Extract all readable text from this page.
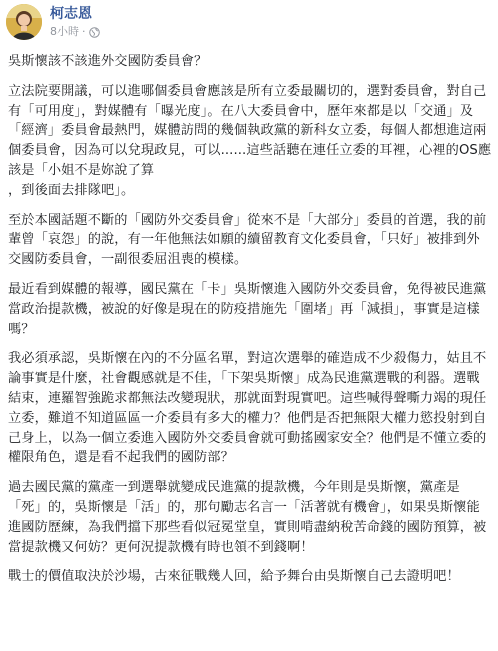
柯志恩
8小時 ·

吳斯懷該不該進外交國防委員會？

立法院要開議，可以進哪個委員會應該是所有立委最關切的，選對委員會，對自己有「可用度」，對媒體有「曝光度」。在八大委員會中，歷年來都是以「交通」及「經濟」委員會最熱門，媒體訪問的幾個執政黨的新科女立委，每個人都想進這兩個委員會，因為可以兌現政見，可以......這些話聽在連任立委的耳裡，心裡的OS應該是「小姐不是妳說了算
，到後面去排隊吧」。

至於本國話題不斷的「國防外交委員會」從來不是「大部分」委員的首選，我的前輩曾「哀怨」的說，有一年他無法如願的續留教育文化委員會，「只好」被排到外交國防委員會，一副很委屈沮喪的模樣。

最近看到媒體的報導，國民黨在「卡」吳斯懷進入國防外交委員會，免得被民進黨當政治提款機，被說的好像是現在的防疫措施先「圍堵」再「減損」，事實是這樣嗎？

我必須承認，吳斯懷在內的不分區名單，對這次選舉的確造成不少殺傷力，姑且不論事實是什麼，社會觀感就是不佳，「下架吳斯懷」成為民進黨選戰的利器。選戰結束，連羅智強跪求都無法改變現狀，那就面對現實吧。這些喊得聲嘶力竭的現任立委，難道不知道區區一介委員有多大的權力？他們是否把無限大權力慾投射到自己身上，以為一個立委進入國防外交委員會就可動搖國家安全？他們是不懂立委的權限角色，還是看不起我們的國防部？

過去國民黨的黨產一到選舉就變成民進黨的提款機，今年則是吳斯懷，黨產是「死」的，吳斯懷是「活」的，那句勵志名言一「活著就有機會」，如果吳斯懷能進國防歷練，為我們擋下那些看似冠冕堂皇，實則啃盡納稅苦命錢的國防預算，被當提款機又何妨？更何況提款機有時也領不到錢啊！

戰士的價值取決於沙場，古來征戰幾人回，給予舞台由吳斯懷自己去證明吧！
